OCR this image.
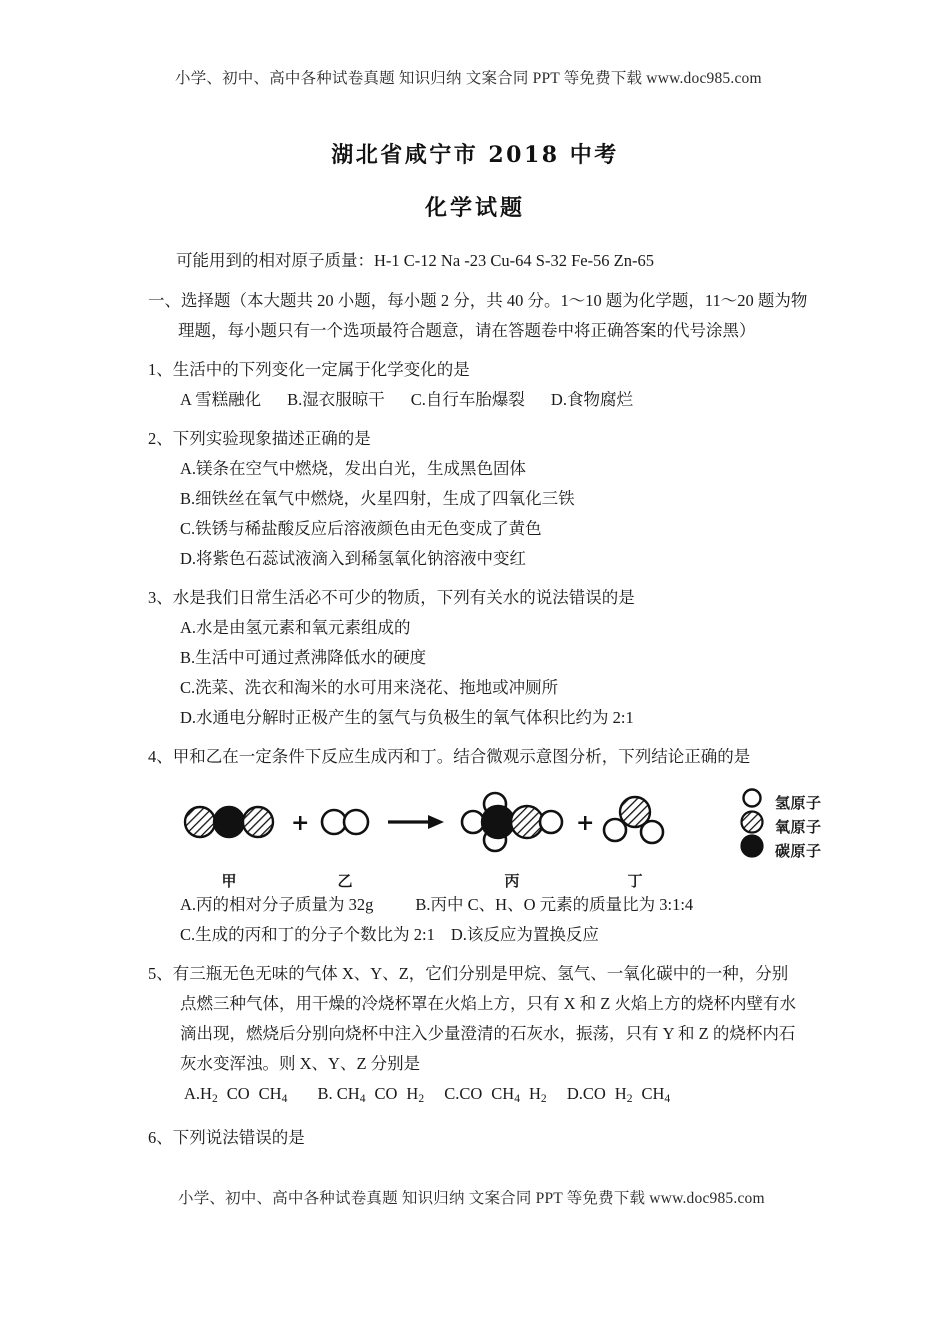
小学、初中、高中各种试卷真题 知识归纳 文案合同 PPT 等免费下载 www.doc985.com
湖北省咸宁市 2018 中考
化学试题
可能用到的相对原子质量：H-1 C-12 Na -23 Cu-64 S-32 Fe-56 Zn-65
一、选择题（本大题共 20 小题，每小题 2 分，共 40 分。1～10 题为化学题，11～20 题为物
理题，每小题只有一个选项最符合题意，请在答题卷中将正确答案的代号涂黑）
1、生活中的下列变化一定属于化学变化的是
A 雪糕融化 B.湿衣服晾干 C.自行车胎爆裂 D.食物腐烂
2、下列实验现象描述正确的是
A.镁条在空气中燃烧，发出白光，生成黑色固体
B.细铁丝在氧气中燃烧，火星四射，生成了四氧化三铁
C.铁锈与稀盐酸反应后溶液颜色由无色变成了黄色
D.将紫色石蕊试液滴入到稀氢氧化钠溶液中变红
3、水是我们日常生活必不可少的物质，下列有关水的说法错误的是
A.水是由氢元素和氧元素组成的
B.生活中可通过煮沸降低水的硬度
C.洗菜、洗衣和淘米的水可用来浇花、拖地或冲厕所
D.水通电分解时正极产生的氢气与负极生的氧气体积比约为 2:1
4、甲和乙在一定条件下反应生成丙和丁。结合微观示意图分析，下列结论正确的是
+	+
氢原子
氧原子
碳原子
甲	乙	丙	丁
A.丙的相对分子质量为 32g	B.丙中 C、H、O 元素的质量比为 3:1:4
C.生成的丙和丁的分子个数比为 2:1 D.该反应为置换反应
5、有三瓶无色无味的气体 X、Y、Z，它们分别是甲烷、氢气、一氧化碳中的一种，分别
点燃三种气体，用干燥的冷烧杯罩在火焰上方，只有 X 和 Z 火焰上方的烧杯内壁有水
滴出现，燃烧后分别向烧杯中注入少量澄清的石灰水，振荡，只有 Y 和 Z 的烧杯内石
灰水变浑浊。则 X、Y、Z 分别是
$A.H_2$ CO $CH_4$ B. $CH_4$ CO $H_2$ C.CO $CH_4$ $H_2$ D.CO $H_2$ $CH_4$
6、下列说法错误的是
小学、初中、高中各种试卷真题 知识归纳 文案合同 PPT 等免费下载 www.doc985.com
